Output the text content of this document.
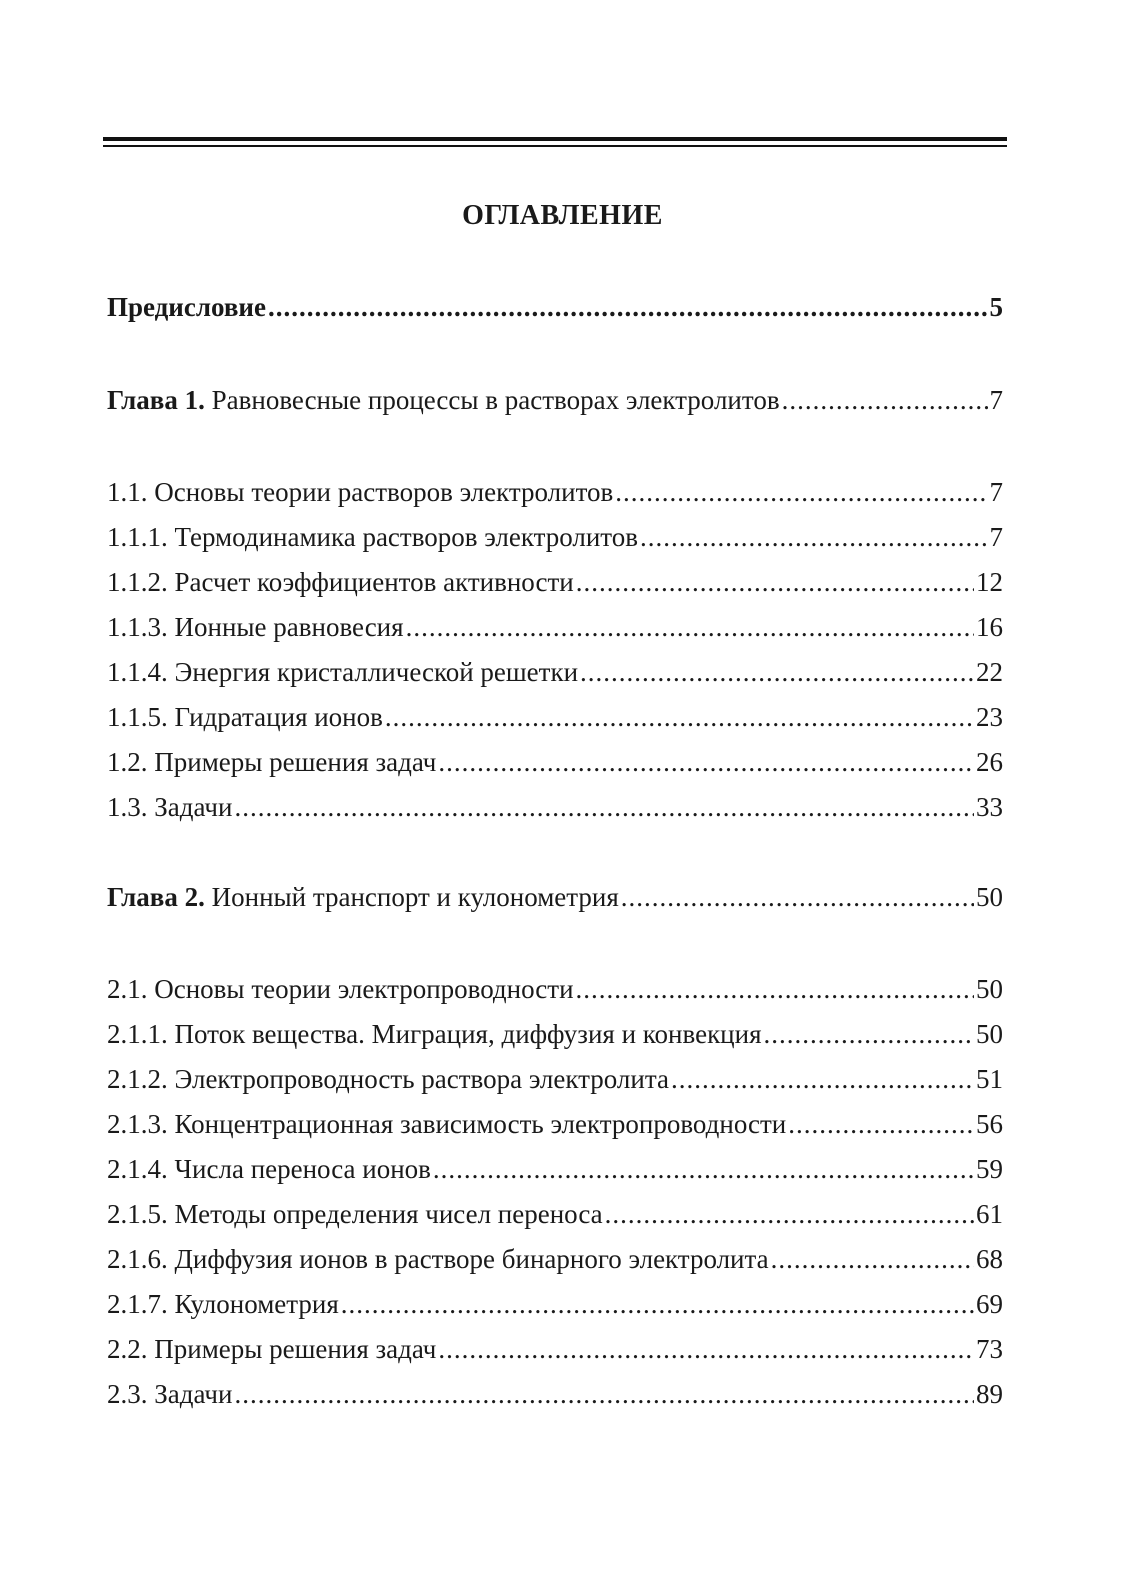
ОГЛАВЛЕНИЕ
Предисловие .....	5
Глава 1. Равновесные процессы в растворах электролитов .....	7
1.1. Основы теории растворов электролитов .....	7
1.1.1. Термодинамика растворов электролитов .....	7
1.1.2. Расчет коэффициентов активности .....	12
1.1.3. Ионные равновесия .....	16
1.1.4. Энергия кристаллической решетки .....	22
1.1.5. Гидратация ионов .....	23
1.2. Примеры решения задач .....	26
1.3. Задачи .....	33
Глава 2. Ионный транспорт и кулонометрия .....	50
2.1. Основы теории электропроводности .....	50
2.1.1. Поток вещества. Миграция, диффузия и конвекция .....	50
2.1.2. Электропроводность раствора электролита .....	51
2.1.3. Концентрационная зависимость электропроводности .....	56
2.1.4. Числа переноса ионов .....	59
2.1.5. Методы определения чисел переноса .....	61
2.1.6. Диффузия ионов в растворе бинарного электролита .....	68
2.1.7. Кулонометрия .....	69
2.2. Примеры решения задач .....	73
2.3. Задачи .....	89
